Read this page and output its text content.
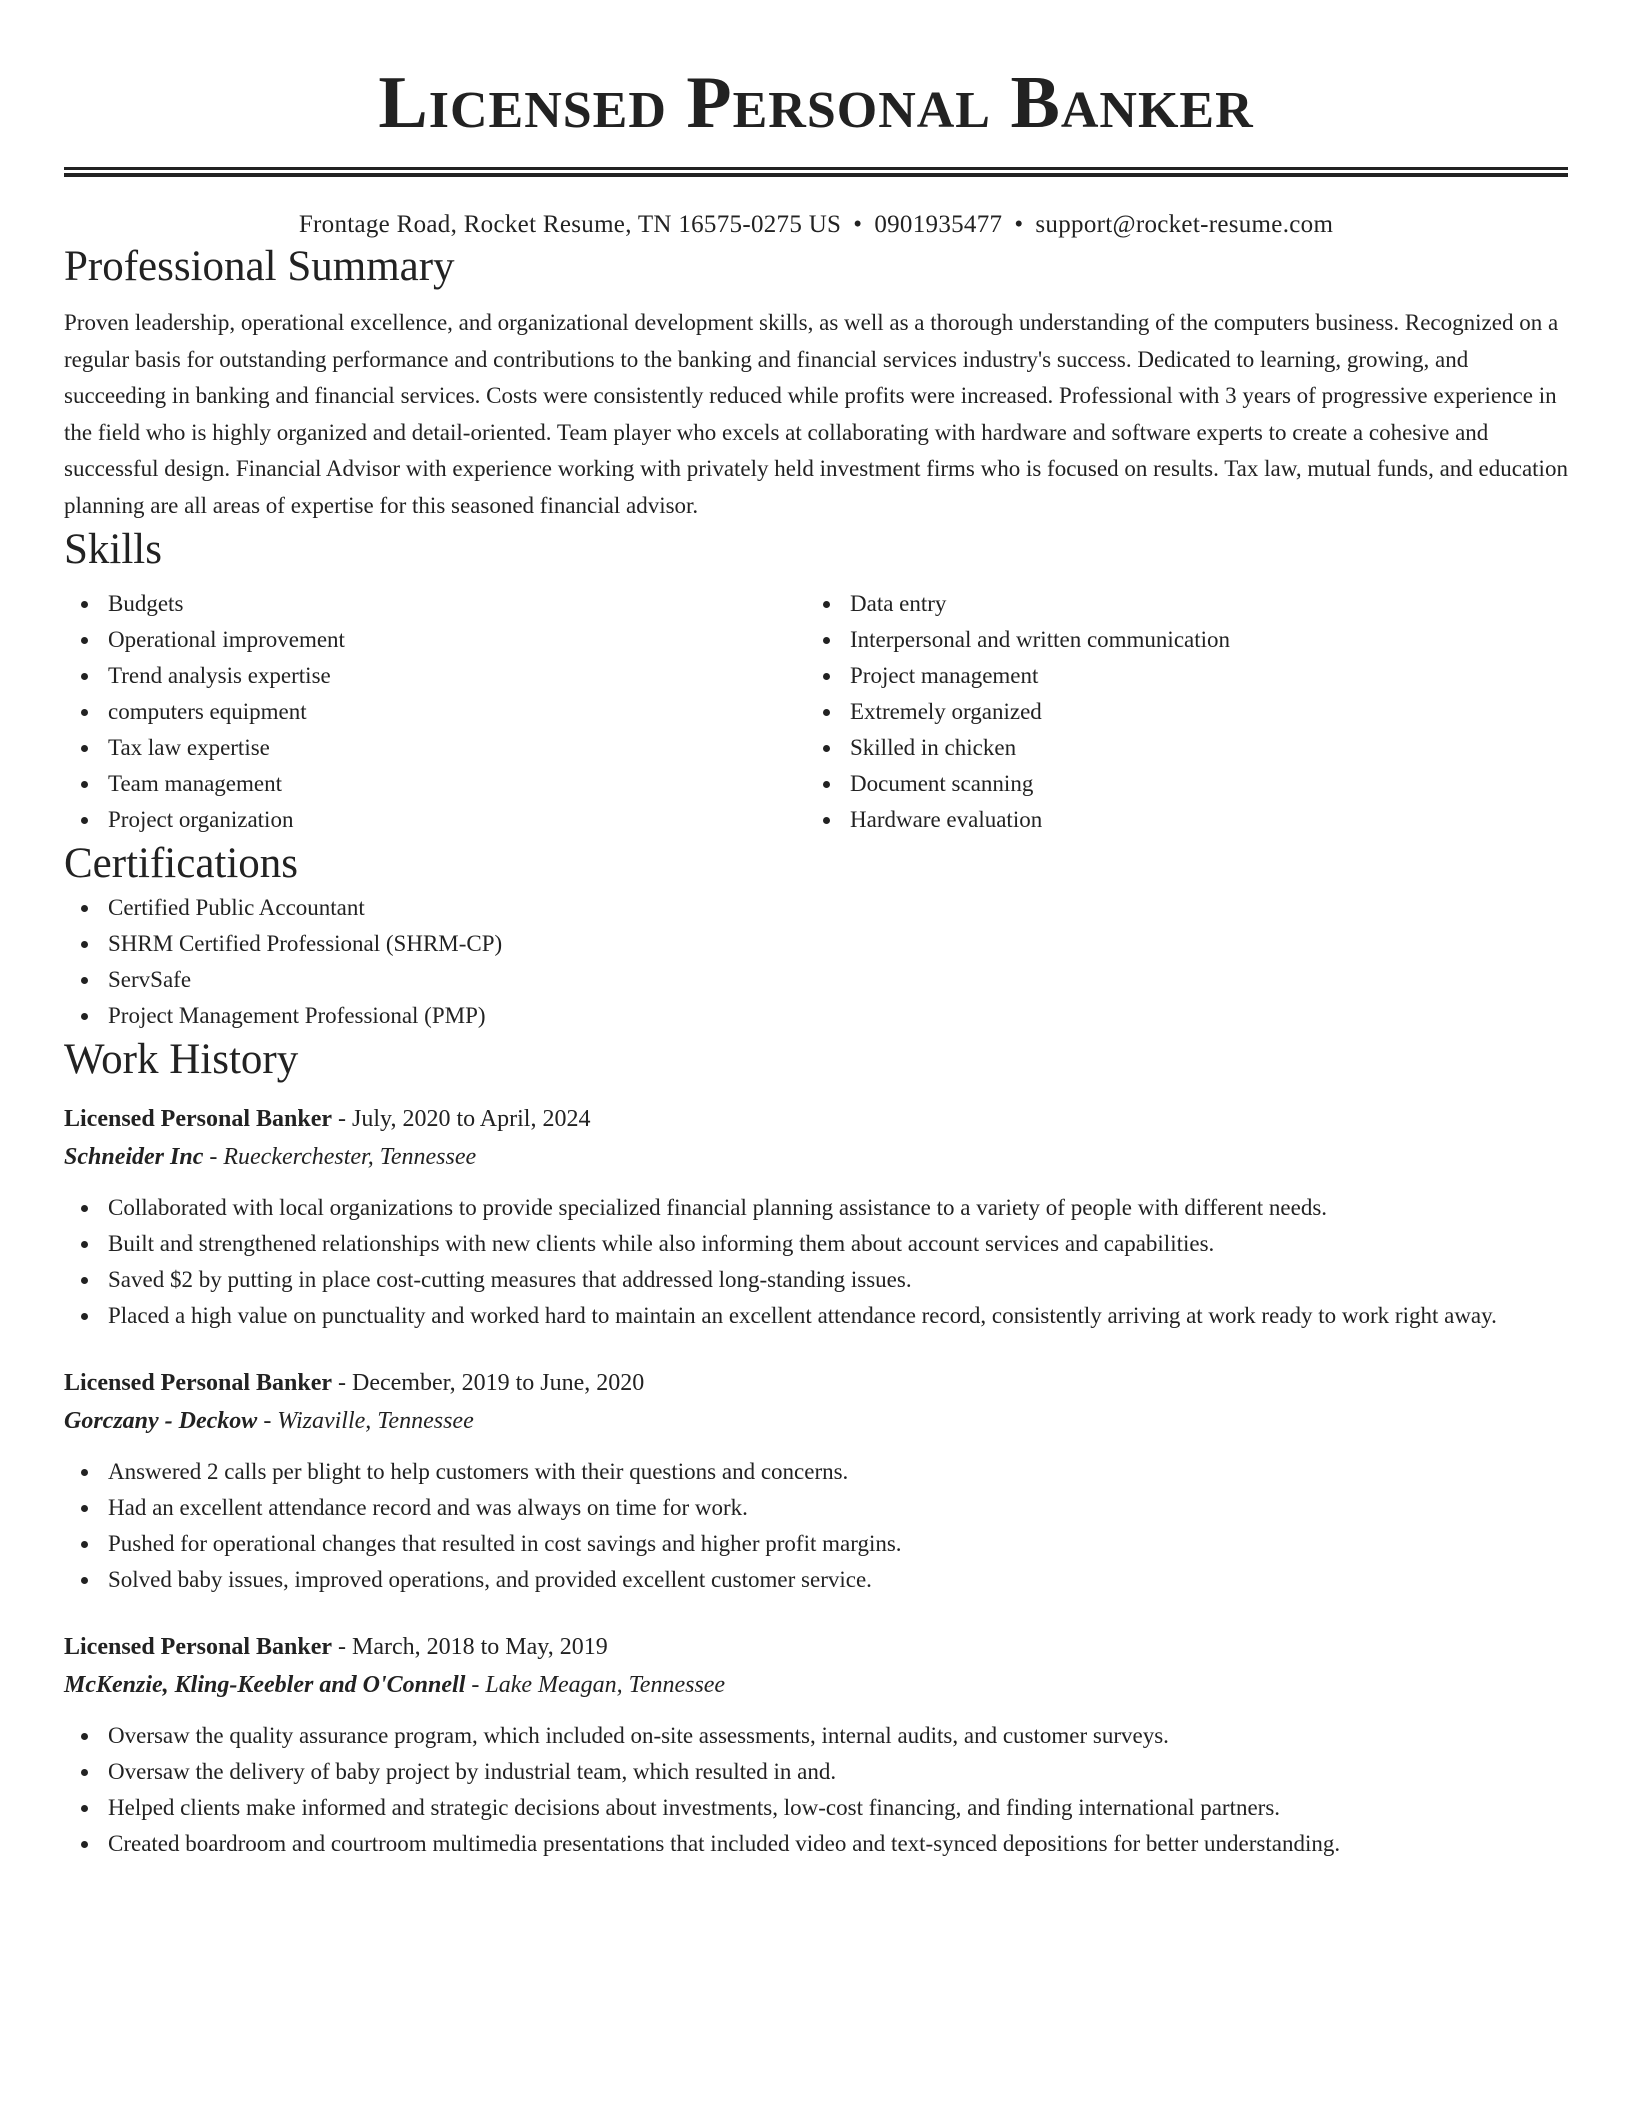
Licensed Personal Banker
Frontage Road, Rocket Resume, TN 16575-0275 US • 0901935477 • support@rocket-resume.com
Professional Summary

Proven leadership, operational excellence, and organizational development skills, as well as a thorough understanding of the computers business. Recognized on a regular basis for outstanding performance and contributions to the banking and financial services industry's success. Dedicated to learning, growing, and succeeding in banking and financial services. Costs were consistently reduced while profits were increased. Professional with 3 years of progressive experience in the field who is highly organized and detail-oriented. Team player who excels at collaborating with hardware and software experts to create a cohesive and successful design. Financial Advisor with experience working with privately held investment firms who is focused on results. Tax law, mutual funds, and education planning are all areas of expertise for this seasoned financial advisor.

Skills
Budgets
Operational improvement
Trend analysis expertise
computers equipment
Tax law expertise
Team management
Project organization
Data entry
Interpersonal and written communication
Project management
Extremely organized
Skilled in chicken
Document scanning
Hardware evaluation
Certifications
Certified Public Accountant
SHRM Certified Professional (SHRM-CP)
ServSafe
Project Management Professional (PMP)
Work History
Licensed Personal Banker - July, 2020 to April, 2024
Schneider Inc - Rueckerchester, Tennessee
Collaborated with local organizations to provide specialized financial planning assistance to a variety of people with different needs.
Built and strengthened relationships with new clients while also informing them about account services and capabilities.
Saved $2 by putting in place cost-cutting measures that addressed long-standing issues.
Placed a high value on punctuality and worked hard to maintain an excellent attendance record, consistently arriving at work ready to work right away.
Licensed Personal Banker - December, 2019 to June, 2020
Gorczany - Deckow - Wizaville, Tennessee
Answered 2 calls per blight to help customers with their questions and concerns.
Had an excellent attendance record and was always on time for work.
Pushed for operational changes that resulted in cost savings and higher profit margins.
Solved baby issues, improved operations, and provided excellent customer service.
Licensed Personal Banker - March, 2018 to May, 2019
McKenzie, Kling-Keebler and O'Connell - Lake Meagan, Tennessee
Oversaw the quality assurance program, which included on-site assessments, internal audits, and customer surveys.
Oversaw the delivery of baby project by industrial team, which resulted in and.
Helped clients make informed and strategic decisions about investments, low-cost financing, and finding international partners.
Created boardroom and courtroom multimedia presentations that included video and text-synced depositions for better understanding.
